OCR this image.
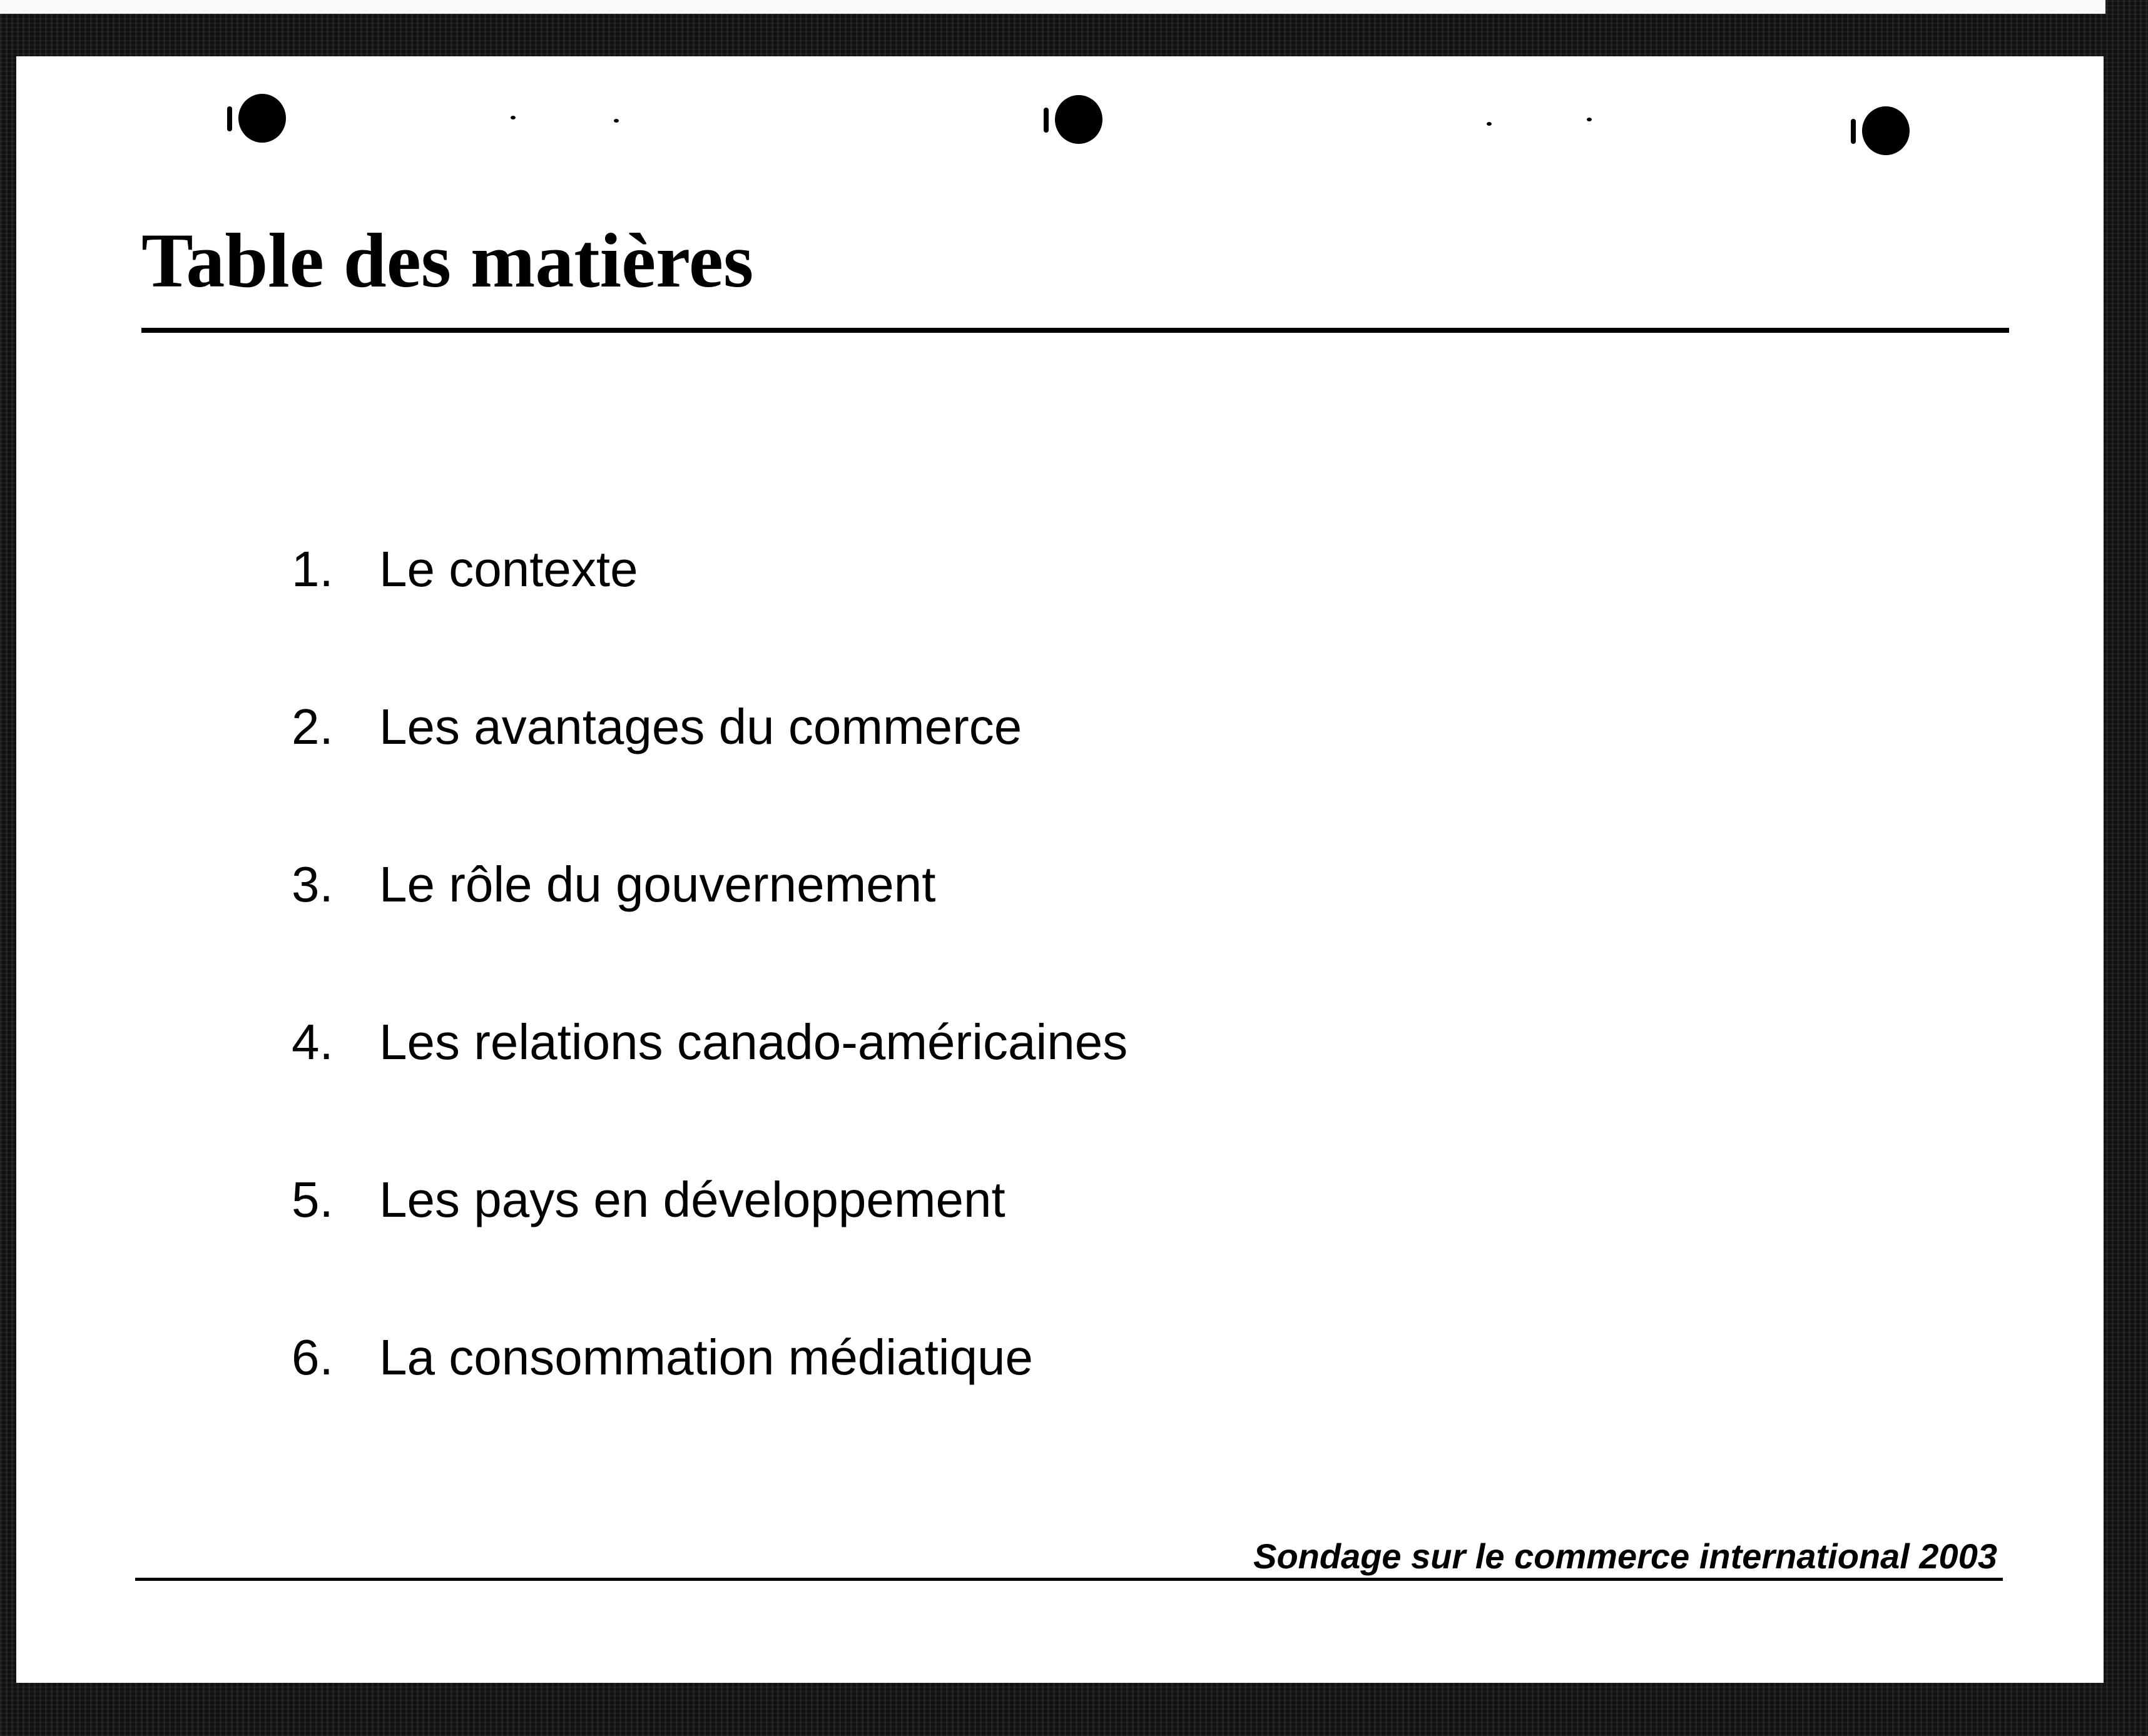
Table des matières
1. Le contexte
2. Les avantages du commerce
3. Le rôle du gouvernement
4. Les relations canado-américaines
5. Les pays en développement
6. La consommation médiatique
Sondage sur le commerce international 2003
